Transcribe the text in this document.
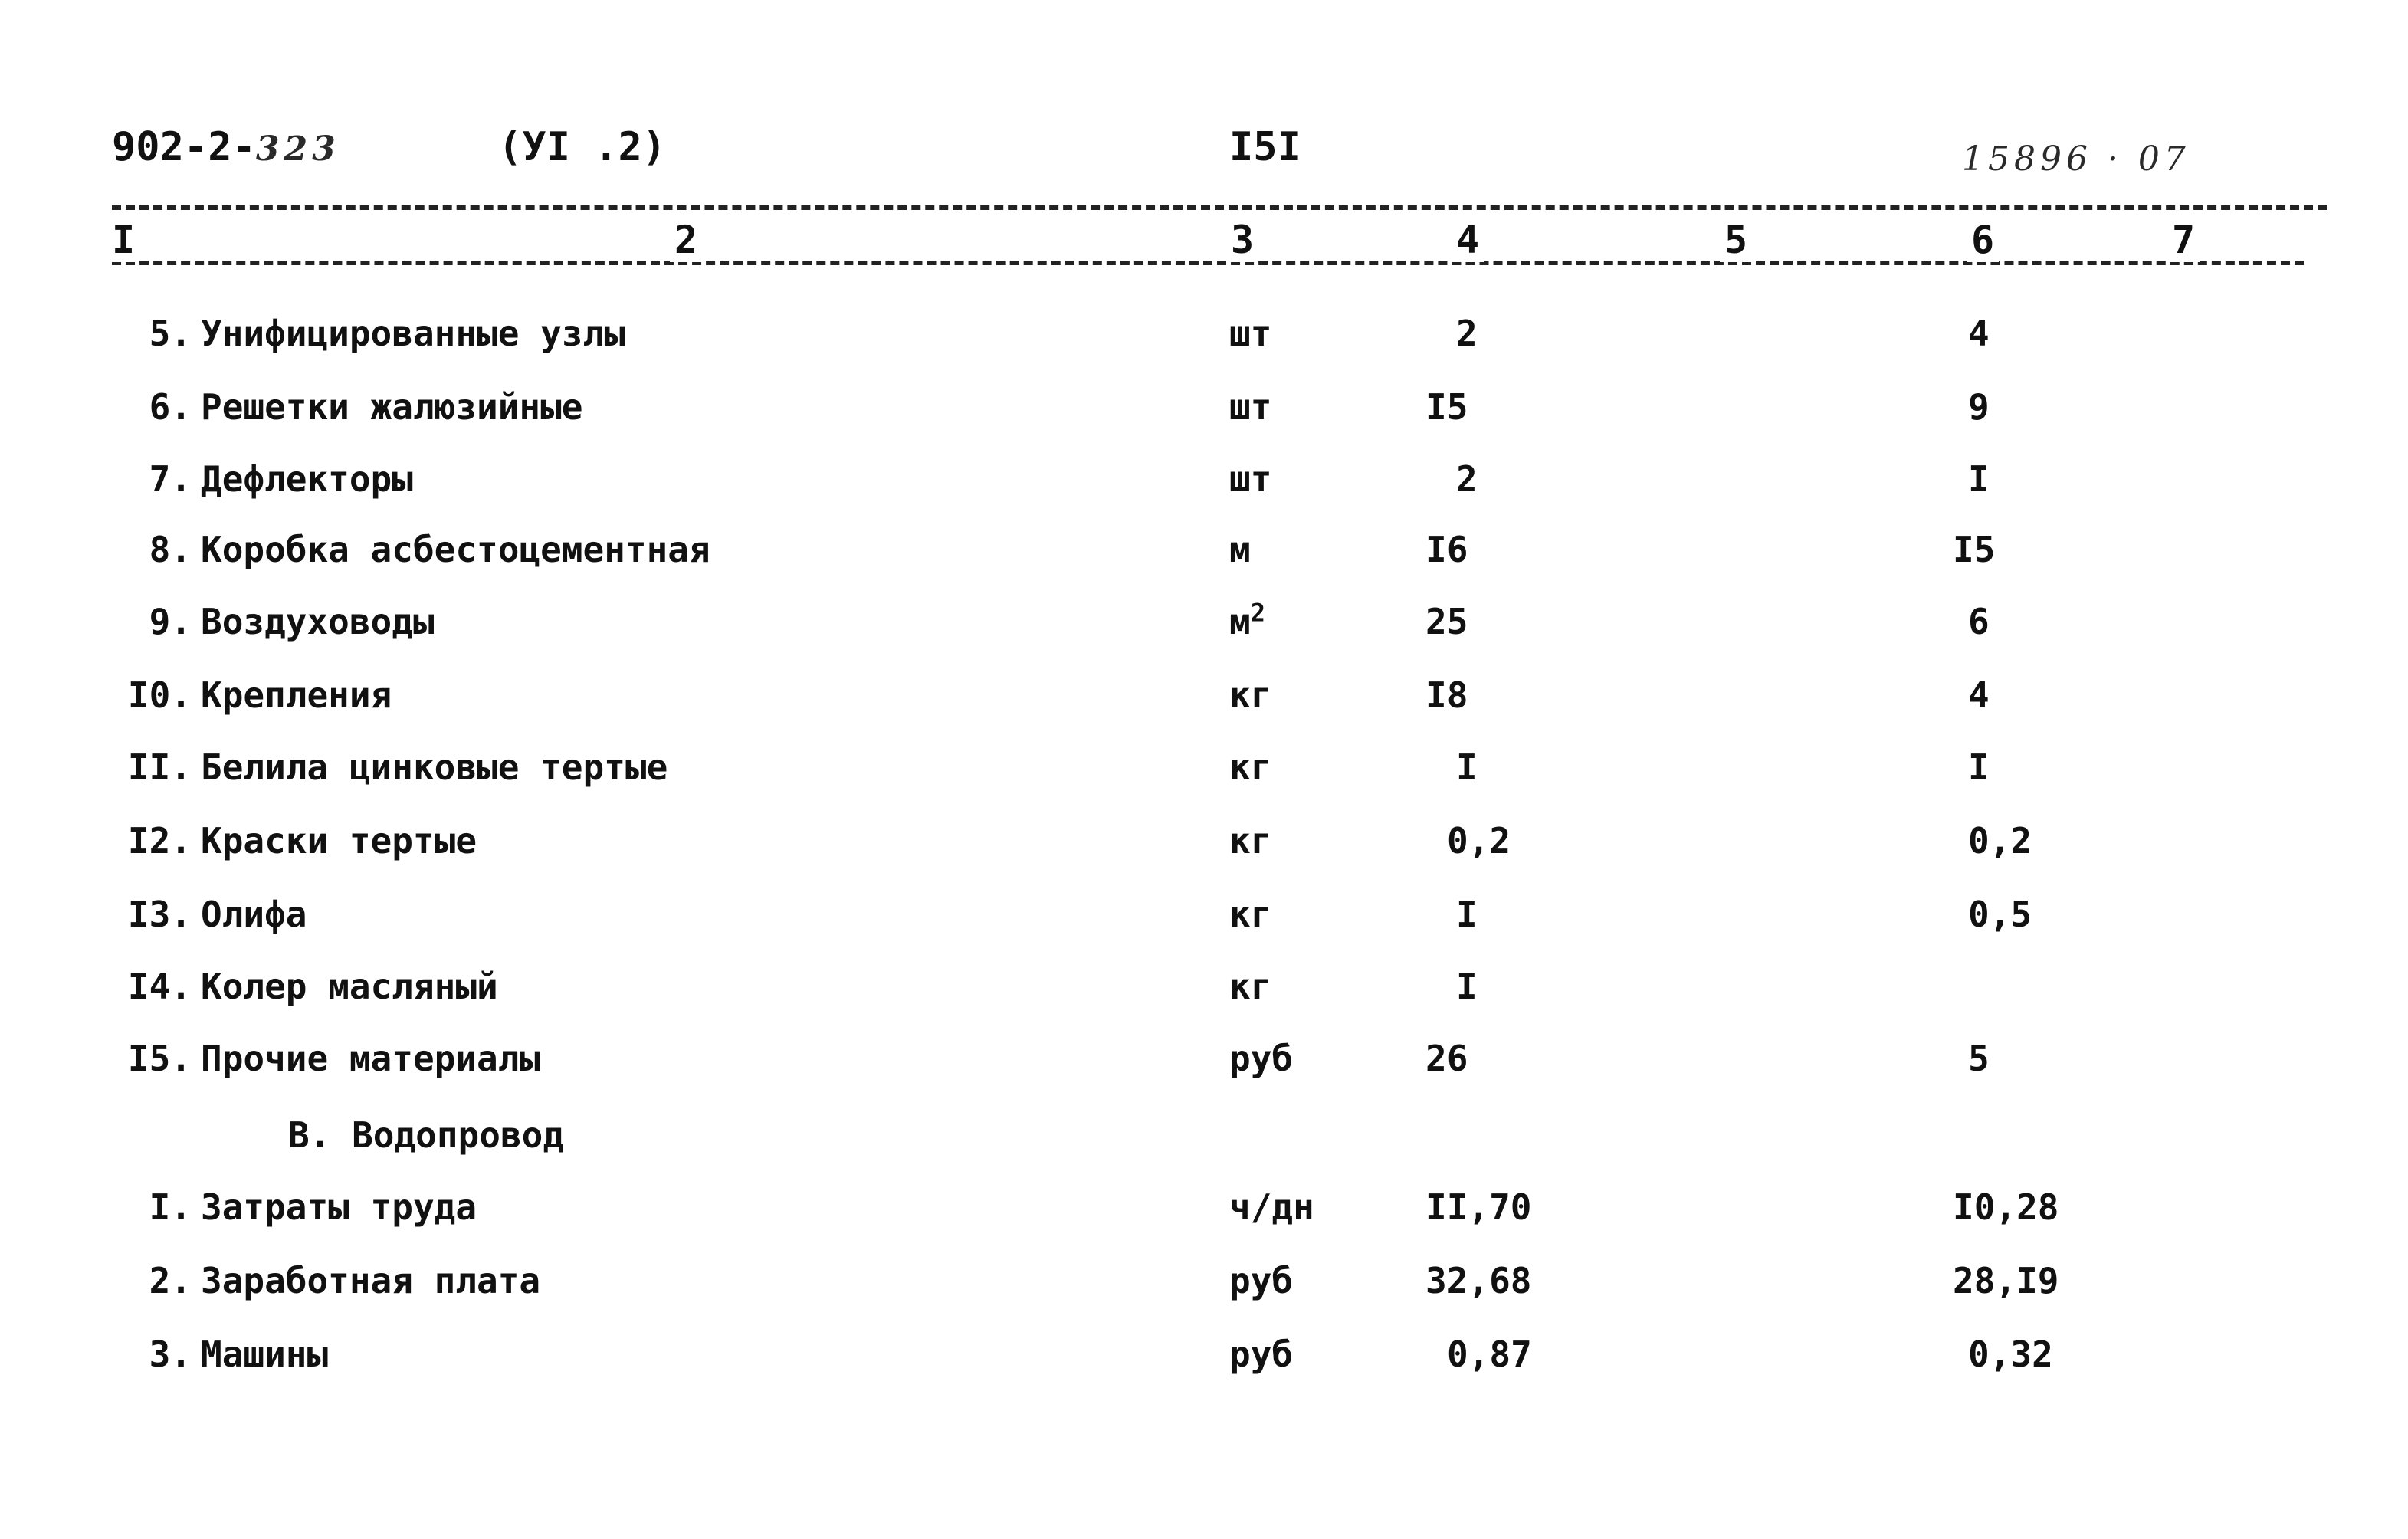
902-2-323	(УI .2)	I5I	15896 · 07
I	2	3	4	5	6	7
5. Унифицированные узлы	шт	2	4
6. Решетки жалюзийные	шт	I5	9
7. Дефлекторы	шт	2	I
8. Коробка асбестоцементная	м	I6	I5
9. Воздуховоды	$м^2$	25	6
I0. Крепления	кг	I8	4
II. Белила цинковые тертые	кг	I	I
I2. Краски тертые	кг	0,2	0,2
I3. Олифа	кг	I	0,5
I4. Колер масляный	кг	I
I5. Прочие материалы	руб	26	5
В. Водопровод
I. Затраты труда	ч/дн	II,70	I0,28
2. Заработная плата	руб	32,68	28,I9
3. Машины	руб	0,87	0,32
